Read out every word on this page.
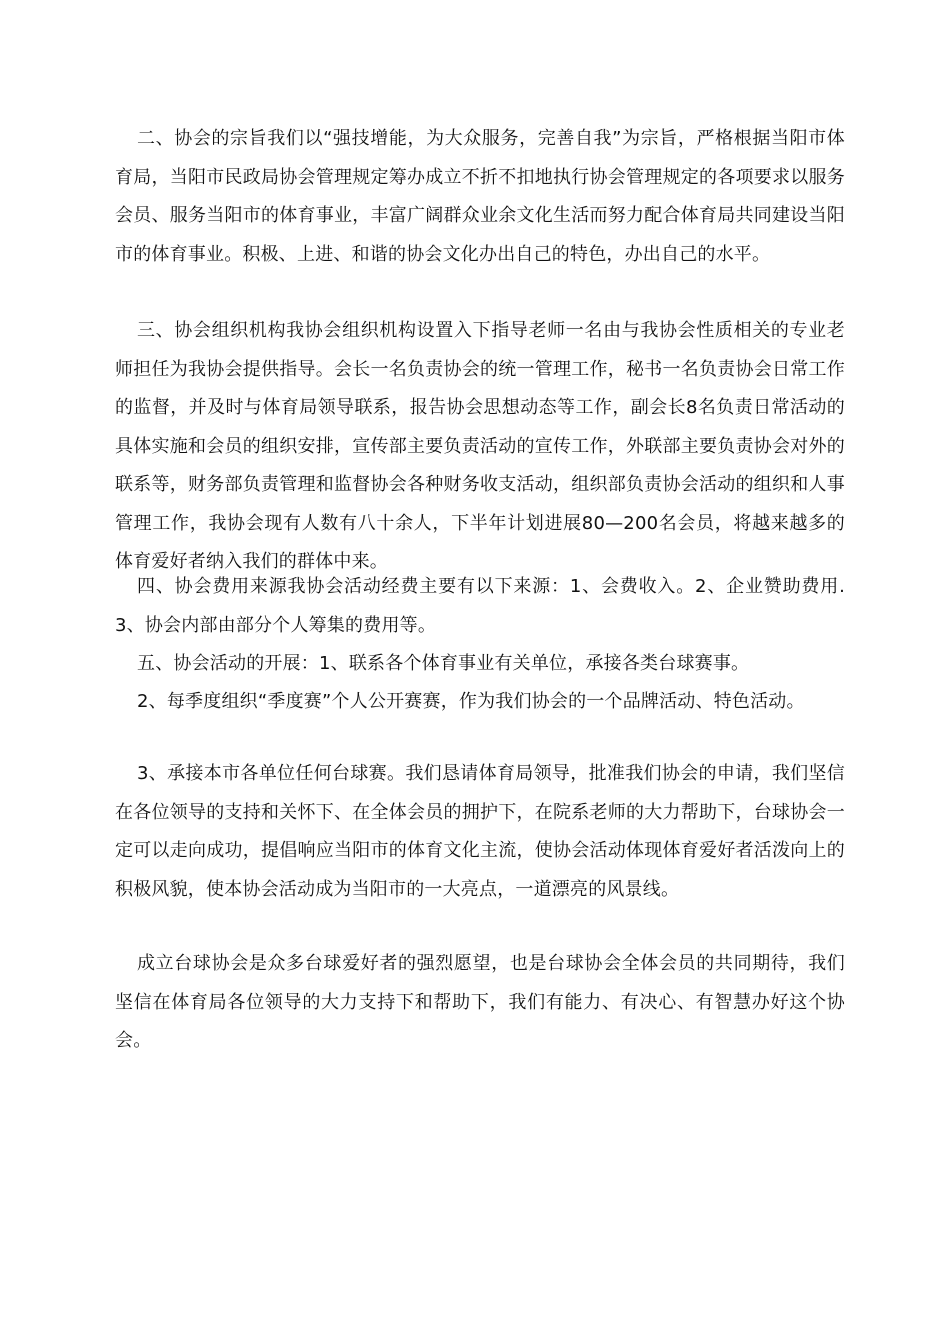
二、协会的宗旨我们以“强技增能，为大众服务，完善自我”为宗旨，严格根据当阳市体育局，当阳市民政局协会管理规定筹办成立不折不扣地执行协会管理规定的各项要求以服务会员、服务当阳市的体育事业，丰富广阔群众业余文化生活而努力配合体育局共同建设当阳市的体育事业。积极、上进、和谐的协会文化办出自己的特色，办出自己的水平。

三、协会组织机构我协会组织机构设置入下指导老师一名由与我协会性质相关的专业老师担任为我协会提供指导。会长一名负责协会的统一管理工作，秘书一名负责协会日常工作的监督，并及时与体育局领导联系，报告协会思想动态等工作，副会长8名负责日常活动的具体实施和会员的组织安排，宣传部主要负责活动的宣传工作，外联部主要负责协会对外的联系等，财务部负责管理和监督协会各种财务收支活动，组织部负责协会活动的组织和人事管理工作，我协会现有人数有八十余人，下半年计划进展80—200名会员，将越来越多的体育爱好者纳入我们的群体中来。

四、协会费用来源我协会活动经费主要有以下来源：1、会费收入。2、企业赞助费用.3、协会内部由部分个人筹集的费用等。

五、协会活动的开展：1、联系各个体育事业有关单位，承接各类台球赛事。

2、每季度组织“季度赛”个人公开赛赛，作为我们协会的一个品牌活动、特色活动。

3、承接本市各单位任何台球赛。我们恳请体育局领导，批准我们协会的申请，我们坚信在各位领导的支持和关怀下、在全体会员的拥护下，在院系老师的大力帮助下，台球协会一定可以走向成功，提倡响应当阳市的体育文化主流，使协会活动体现体育爱好者活泼向上的积极风貌，使本协会活动成为当阳市的一大亮点，一道漂亮的风景线。

成立台球协会是众多台球爱好者的强烈愿望，也是台球协会全体会员的共同期待，我们坚信在体育局各位领导的大力支持下和帮助下，我们有能力、有决心、有智慧办好这个协会。
